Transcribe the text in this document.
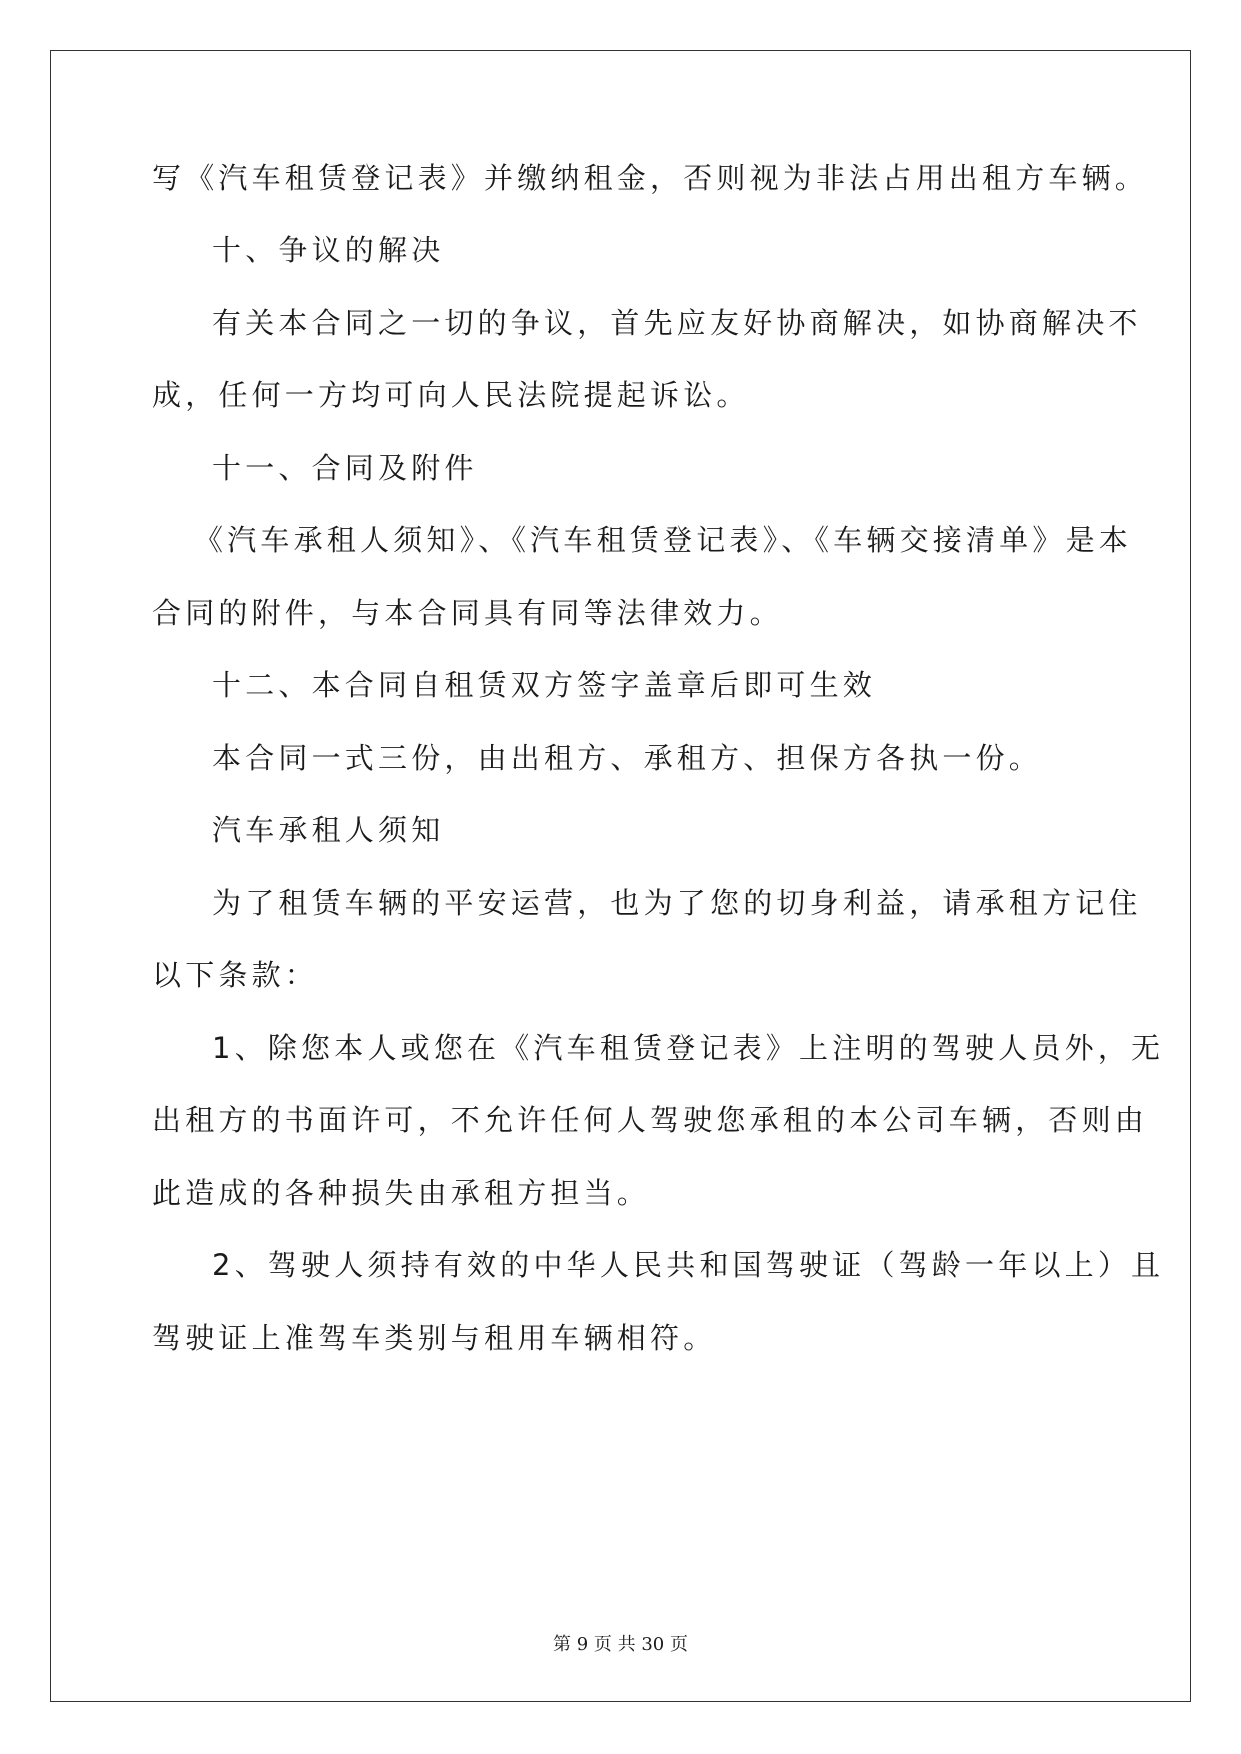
写《汽车租赁登记表》并缴纳租金，否则视为非法占用出租方车辆。
十、争议的解决
有关本合同之一切的争议，首先应友好协商解决，如协商解决不
成，任何一方均可向人民法院提起诉讼。
十一、合同及附件
《汽车承租人须知》、《汽车租赁登记表》、《车辆交接清单》是本
合同的附件，与本合同具有同等法律效力。
十二、本合同自租赁双方签字盖章后即可生效
本合同一式三份，由出租方、承租方、担保方各执一份。
汽车承租人须知
为了租赁车辆的平安运营，也为了您的切身利益，请承租方记住
以下条款：
1、除您本人或您在《汽车租赁登记表》上注明的驾驶人员外，无
出租方的书面许可，不允许任何人驾驶您承租的本公司车辆，否则由
此造成的各种损失由承租方担当。
2、驾驶人须持有效的中华人民共和国驾驶证（驾龄一年以上）且
驾驶证上准驾车类别与租用车辆相符。
第 9 页 共 30 页
